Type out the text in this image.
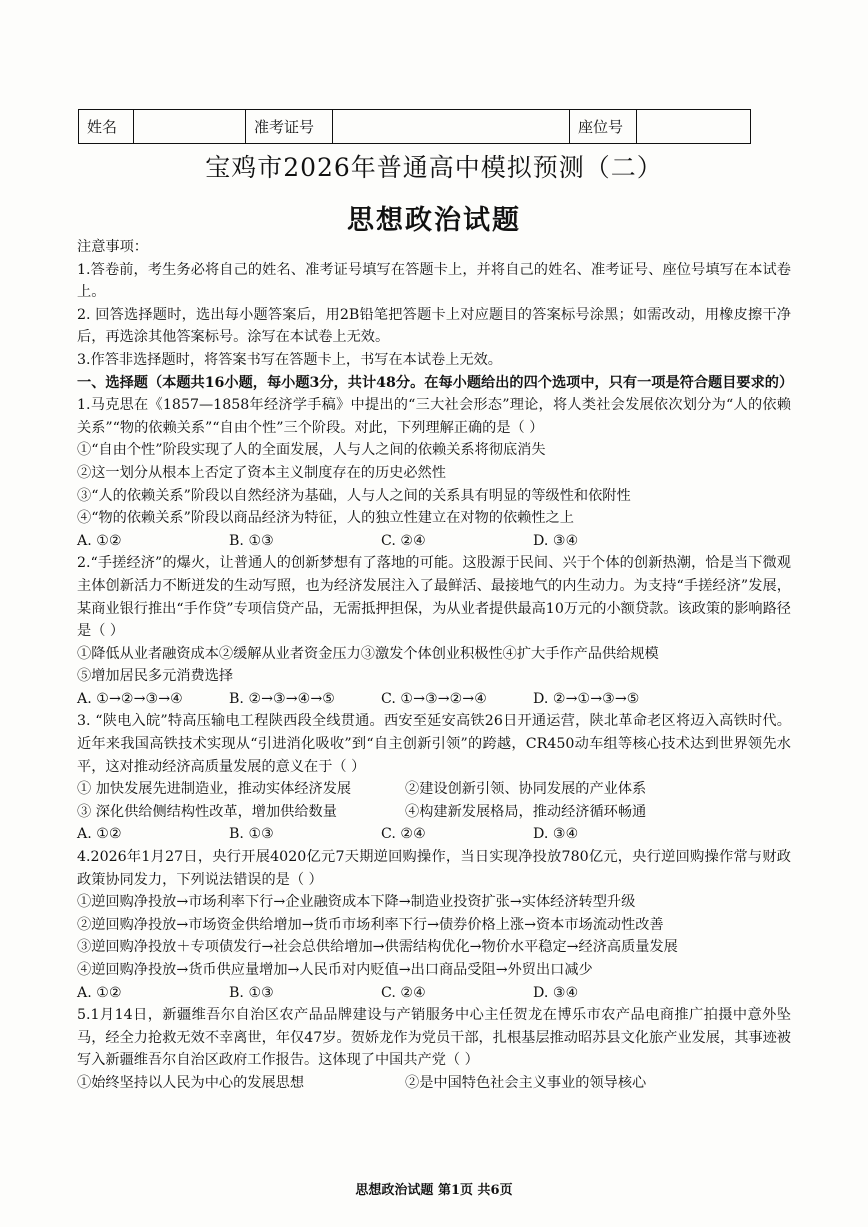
姓名		准考证号		座位号	
宝鸡市2026年普通高中模拟预测（二）
思想政治试题

注意事项：

1.答卷前，考生务必将自己的姓名、准考证号填写在答题卡上，并将自己的姓名、准考证号、座位号填写在本试卷上。

2. 回答选择题时，选出每小题答案后，用2B铅笔把答题卡上对应题目的答案标号涂黑；如需改动，用橡皮擦干净后，再选涂其他答案标号。涂写在本试卷上无效。

3.作答非选择题时，将答案书写在答题卡上，书写在本试卷上无效。

一、选择题（本题共16小题，每小题3分，共计48分。在每小题给出的四个选项中，只有一项是符合题目要求的）

1.马克思在《1857—1858年经济学手稿》中提出的“三大社会形态”理论，将人类社会发展依次划分为“人的依赖关系”“物的依赖关系”“自由个性”三个阶段。对此，下列理解正确的是（ ）

①“自由个性”阶段实现了人的全面发展，人与人之间的依赖关系将彻底消失

②这一划分从根本上否定了资本主义制度存在的历史必然性

③“人的依赖关系”阶段以自然经济为基础，人与人之间的关系具有明显的等级性和依附性

④“物的依赖关系”阶段以商品经济为特征，人的独立性建立在对物的依赖性之上

A. ①②	B. ①③	C. ②④	D. ③④

2.“手搓经济”的爆火，让普通人的创新梦想有了落地的可能。这股源于民间、兴于个体的创新热潮，恰是当下微观主体创新活力不断迸发的生动写照，也为经济发展注入了最鲜活、最接地气的内生动力。为支持“手搓经济”发展，某商业银行推出“手作贷”专项信贷产品，无需抵押担保，为从业者提供最高10万元的小额贷款。该政策的影响路径是（ ）

①降低从业者融资成本②缓解从业者资金压力③激发个体创业积极性④扩大手作产品供给规模

⑤增加居民多元消费选择

A. ①→②→③→④	B. ②→③→④→⑤	C. ①→③→②→④	D. ②→①→③→⑤

3. “陕电入皖”特高压输电工程陕西段全线贯通。西安至延安高铁26日开通运营，陕北革命老区将迈入高铁时代。近年来我国高铁技术实现从“引进消化吸收”到“自主创新引领”的跨越，CR450动车组等核心技术达到世界领先水平，这对推动经济高质量发展的意义在于（ ）

① 加快发展先进制造业，推动实体经济发展	②建设创新引领、协同发展的产业体系

③ 深化供给侧结构性改革，增加供给数量	④构建新发展格局，推动经济循环畅通

A. ①②	B. ①③	C. ②④	D. ③④

4.2026年1月27日，央行开展4020亿元7天期逆回购操作，当日实现净投放780亿元，央行逆回购操作常与财政政策协同发力，下列说法错误的是（ ）

①逆回购净投放→市场利率下行→企业融资成本下降→制造业投资扩张→实体经济转型升级

②逆回购净投放→市场资金供给增加→货币市场利率下行→债券价格上涨→资本市场流动性改善

③逆回购净投放＋专项债发行→社会总供给增加→供需结构优化→物价水平稳定→经济高质量发展

④逆回购净投放→货币供应量增加→人民币对内贬值→出口商品受阻→外贸出口减少

A. ①②	B. ①③	C. ②④	D. ③④

5.1月14日，新疆维吾尔自治区农产品品牌建设与产销服务中心主任贺龙在博乐市农产品电商推广拍摄中意外坠马，经全力抢救无效不幸离世，年仅47岁。贺娇龙作为党员干部，扎根基层推动昭苏县文化旅产业发展，其事迹被写入新疆维吾尔自治区政府工作报告。这体现了中国共产党（ ）

①始终坚持以人民为中心的发展思想	②是中国特色社会主义事业的领导核心

思想政治试题 第1页 共6页
